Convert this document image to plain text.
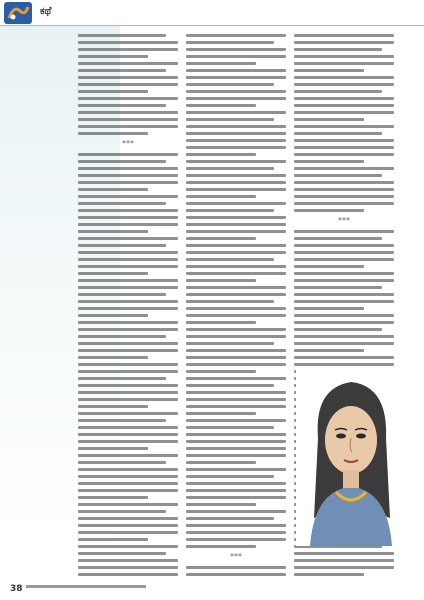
ಕಥೆ
***
***
***
38
